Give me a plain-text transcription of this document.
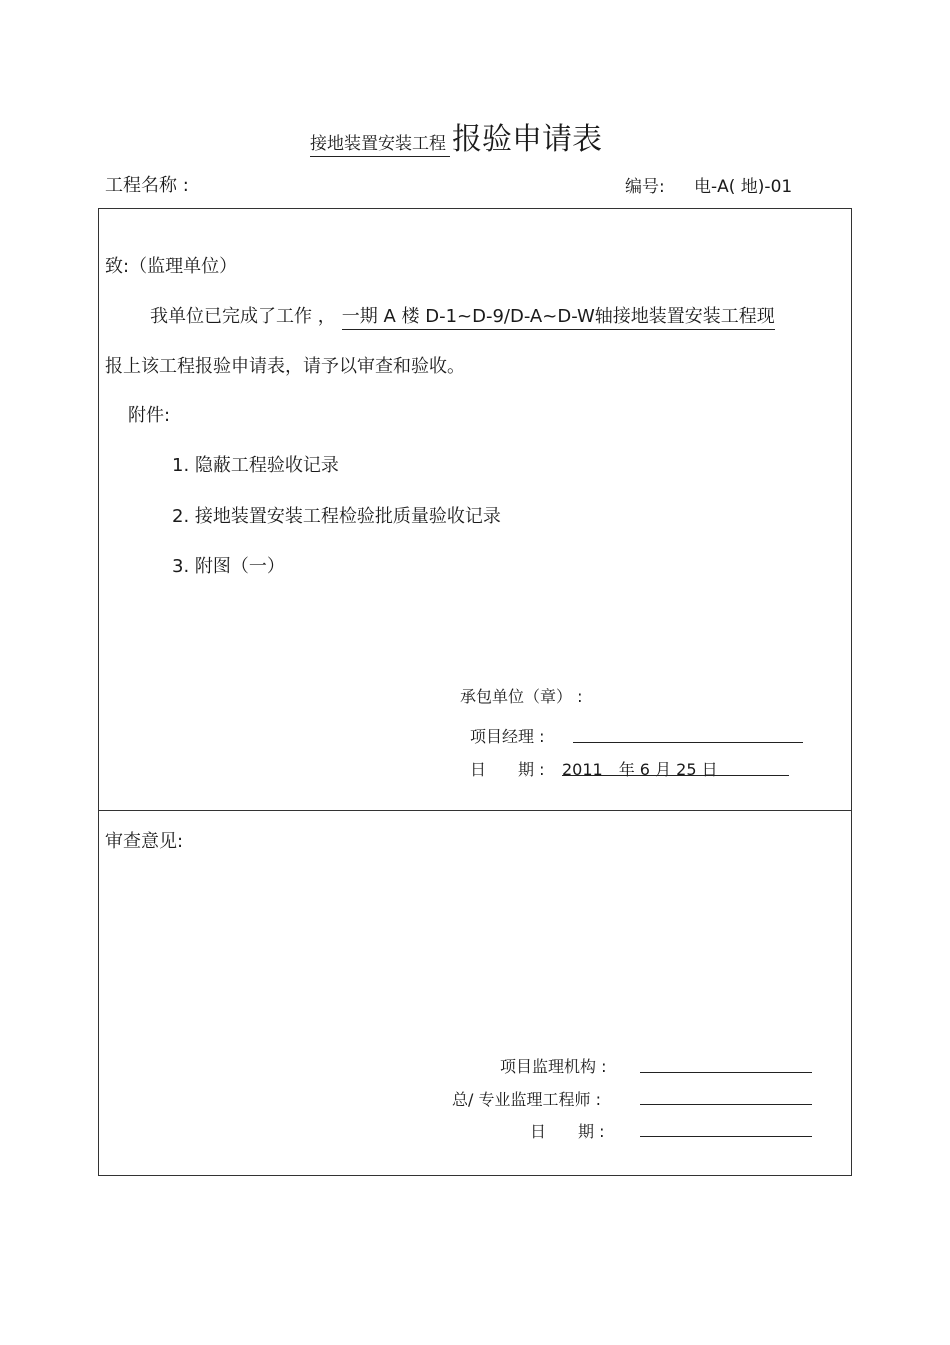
接地装置安装工程 报验申请表
工程名称 :	编号: 电-A( 地)-01
致:（监理单位）
我单位已完成了工作 ， 一期 A 楼 D-1~D-9/D-A~D-W轴接地装置安装工程现
报上该工程报验申请表，请予以审查和验收。
附件:
1. 隐蔽工程验收记录
2. 接地装置安装工程检验批质量验收记录
3. 附图（一）
承包单位（章） :
项目经理 :
日　　期 : 2011　年 6 月 25 日
审查意见:
项目监理机构 :
总/ 专业监理工程师 :
日　　期 :
